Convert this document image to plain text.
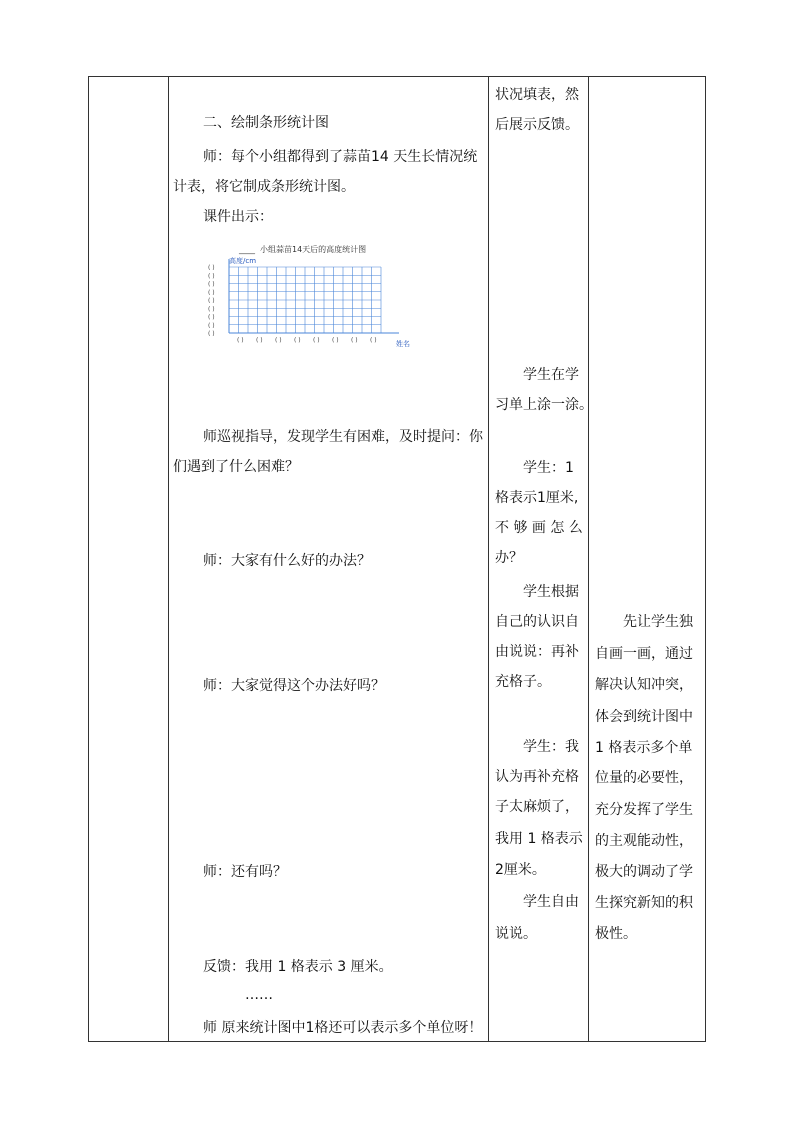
二、绘制条形统计图
师：每个小组都得到了蒜苗14 天生长情况统
计表，将它制成条形统计图。
课件出示：
____ 小组蒜苗14天后的高度统计图
高度/cm
姓名
( )
( )
( )
( )
( )
( )
( )
( )
( )
( ) ( ) ( ) ( ) ( ) ( ) ( ) ( )
师巡视指导，发现学生有困难，及时提问：你
们遇到了什么困难？
师：大家有什么好的办法？
师：大家觉得这个办法好吗？
师：还有吗？
反馈：我用 1 格表示 3 厘米。
……
师 原来统计图中1格还可以表示多个单位呀！
状况填表，然
后展示反馈。
学生在学
习单上涂一涂。
学生：1
格表示1厘米,
不 够 画 怎 么
办？
学生根据
自己的认识自
由说说：再补
充格子。
学生：我
认为再补充格
子太麻烦了，
我用 1 格表示
2厘米。
学生自由
说说。
先让学生独
自画一画，通过
解决认知冲突，
体会到统计图中
1 格表示多个单
位量的必要性，
充分发挥了学生
的主观能动性，
极大的调动了学
生探究新知的积
极性。
